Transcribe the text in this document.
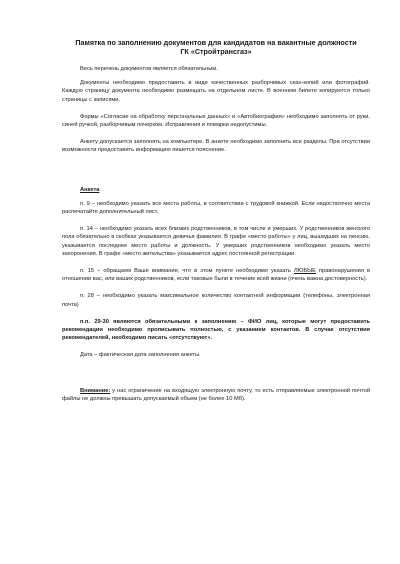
Памятка по заполнению документов для кандидатов на вакантные должности
ГК «Стройтрансгаз»

Весь перечень документов является обязательным.

Документы необходимо предоставить в виде качественных разборчивых скан-копий или фотографий. Каждую страницу документа необходимо размещать на отдельном листе. В военном билете копируются только страницы с записями.

Формы «Согласие на обработку персональных данных» и «Автобиография» необходимо заполнять от руки, синей ручкой, разборчивым почерком. Исправления и помарки недопустимы.

Анкету допускается заполнять на компьютере. В анкете необходимо заполнить все разделы. При отсутствии возможности предоставить информацию пишется пояснение.

Анкета

п. 9 – необходимо указать все места работы, в соответствии с трудовой книжкой. Если недостаточно места распечатайте дополнительный лист.

п. 14 – необходимо указать всех близких родственников, в том числе и умерших. У родственников женского пола обязательно в скобках указывается девичья фамилия. В графе «место работы» у лиц, вышедших на пенсию, указывается последнее место работы и должность. У умерших родственников необходимо указать место захоронения. В графе «место жительства» указывается адрес постоянной регистрации.

п. 15 – обращаем Ваше внимание, что в этом пункте необходимо указать ЛЮБЫЕ правонарушения в отношении вас, или ваших родственников, если таковые были в течение всей жизни (очень важна достоверность).

п. 28 – необходимо указать максимальное количество контактной информации (телефоны, электронная почта)

п.п. 29-30 являются обязательными к заполнению – ФИО лиц, которые могут предоставить рекомендации необходимо прописывать полностью, с указанием контактов. В случае отсутствия рекомендателей, необходимо писать «отсутствуют».

Дата – фактическая дата заполнения анкеты.

Внимание: у нас ограничение на входящую электронную почту, то есть отправляемые электронной почтой файлы не должны превышать допускаемый объем (не более 10 Мб).
